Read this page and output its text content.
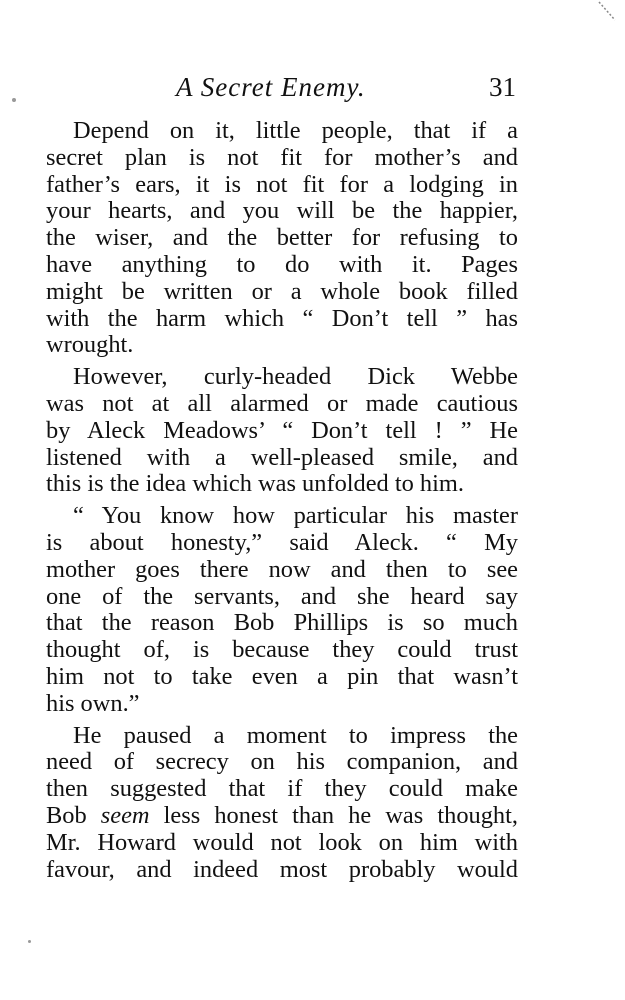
A Secret Enemy.	31
Depend on it, little people, that if a
secret plan is not fit for mother’s and
father’s ears, it is not fit for a lodging in
your hearts, and you will be the happier,
the wiser, and the better for refusing to
have anything to do with it. Pages
might be written or a whole book filled
with the harm which “ Don’t tell ” has
wrought.
However, curly-headed Dick Webbe
was not at all alarmed or made cautious
by Aleck Meadows’ “ Don’t tell ! ” He
listened with a well-pleased smile, and
this is the idea which was unfolded to him.
“ You know how particular his master
is about honesty,” said Aleck. “ My
mother goes there now and then to see
one of the servants, and she heard say
that the reason Bob Phillips is so much
thought of, is because they could trust
him not to take even a pin that wasn’t
his own.”
He paused a moment to impress the
need of secrecy on his companion, and
then suggested that if they could make
Bob seem less honest than he was thought,
Mr. Howard would not look on him with
favour, and indeed most probably would
